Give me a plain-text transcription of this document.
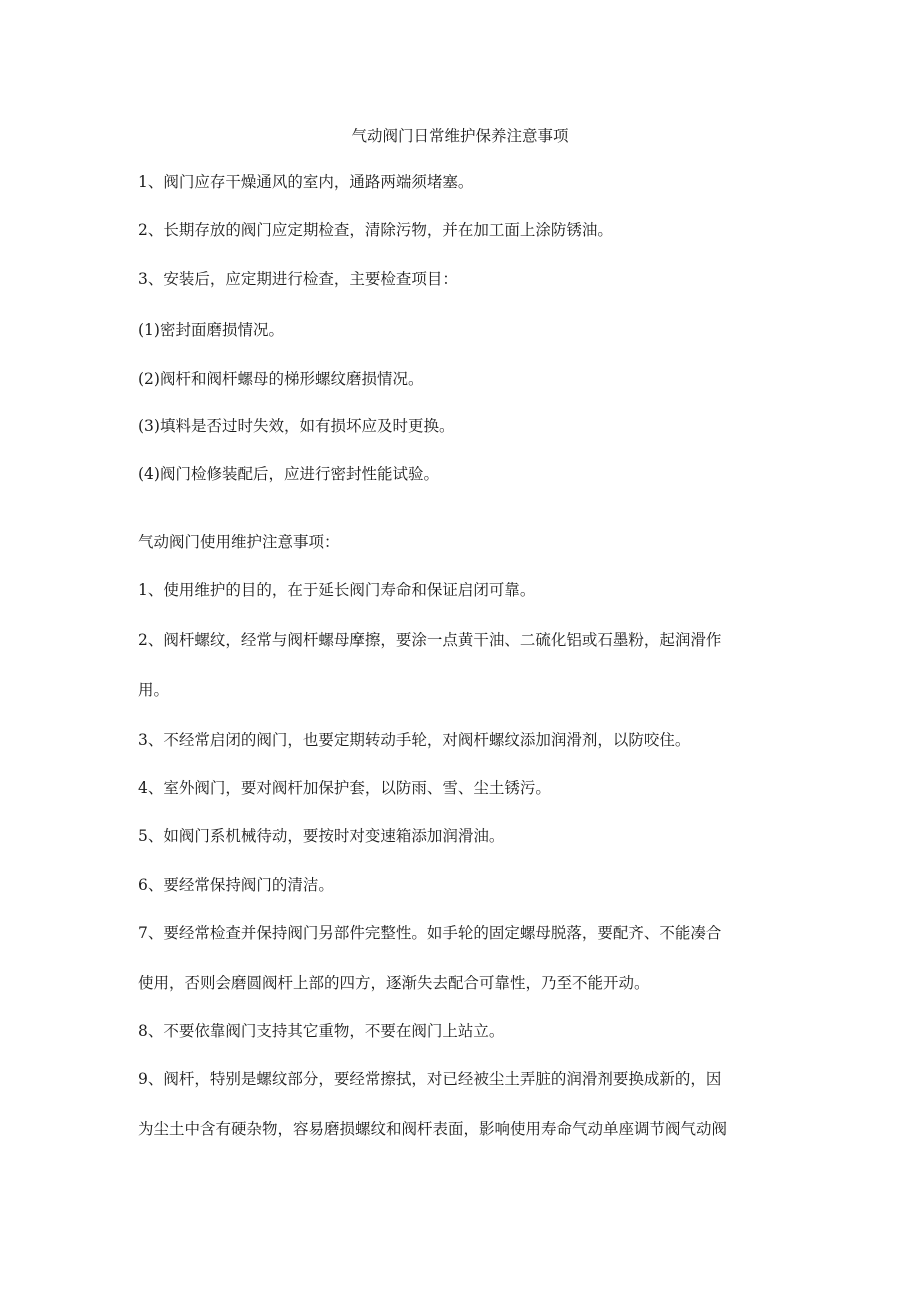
气动阀门日常维护保养注意事项
1、阀门应存干燥通风的室内，通路两端须堵塞。
2、长期存放的阀门应定期检查，清除污物，并在加工面上涂防锈油。
3、安装后，应定期进行检查，主要检查项目：
(1)密封面磨损情况。
(2)阀杆和阀杆螺母的梯形螺纹磨损情况。
(3)填料是否过时失效，如有损坏应及时更换。
(4)阀门检修装配后，应进行密封性能试验。
气动阀门使用维护注意事项：
1、使用维护的目的，在于延长阀门寿命和保证启闭可靠。
2、阀杆螺纹，经常与阀杆螺母摩擦，要涂一点黄干油、二硫化铝或石墨粉，起润滑作
用。
3、不经常启闭的阀门，也要定期转动手轮，对阀杆螺纹添加润滑剂，以防咬住。
4、室外阀门，要对阀杆加保护套，以防雨、雪、尘土锈污。
5、如阀门系机械待动，要按时对变速箱添加润滑油。
6、要经常保持阀门的清洁。
7、要经常检查并保持阀门另部件完整性。如手轮的固定螺母脱落，要配齐、不能凑合
使用，否则会磨圆阀杆上部的四方，逐渐失去配合可靠性，乃至不能开动。
8、不要依靠阀门支持其它重物，不要在阀门上站立。
9、阀杆，特别是螺纹部分，要经常擦拭，对已经被尘土弄脏的润滑剂要换成新的，因
为尘土中含有硬杂物，容易磨损螺纹和阀杆表面，影响使用寿命气动单座调节阀气动阀
